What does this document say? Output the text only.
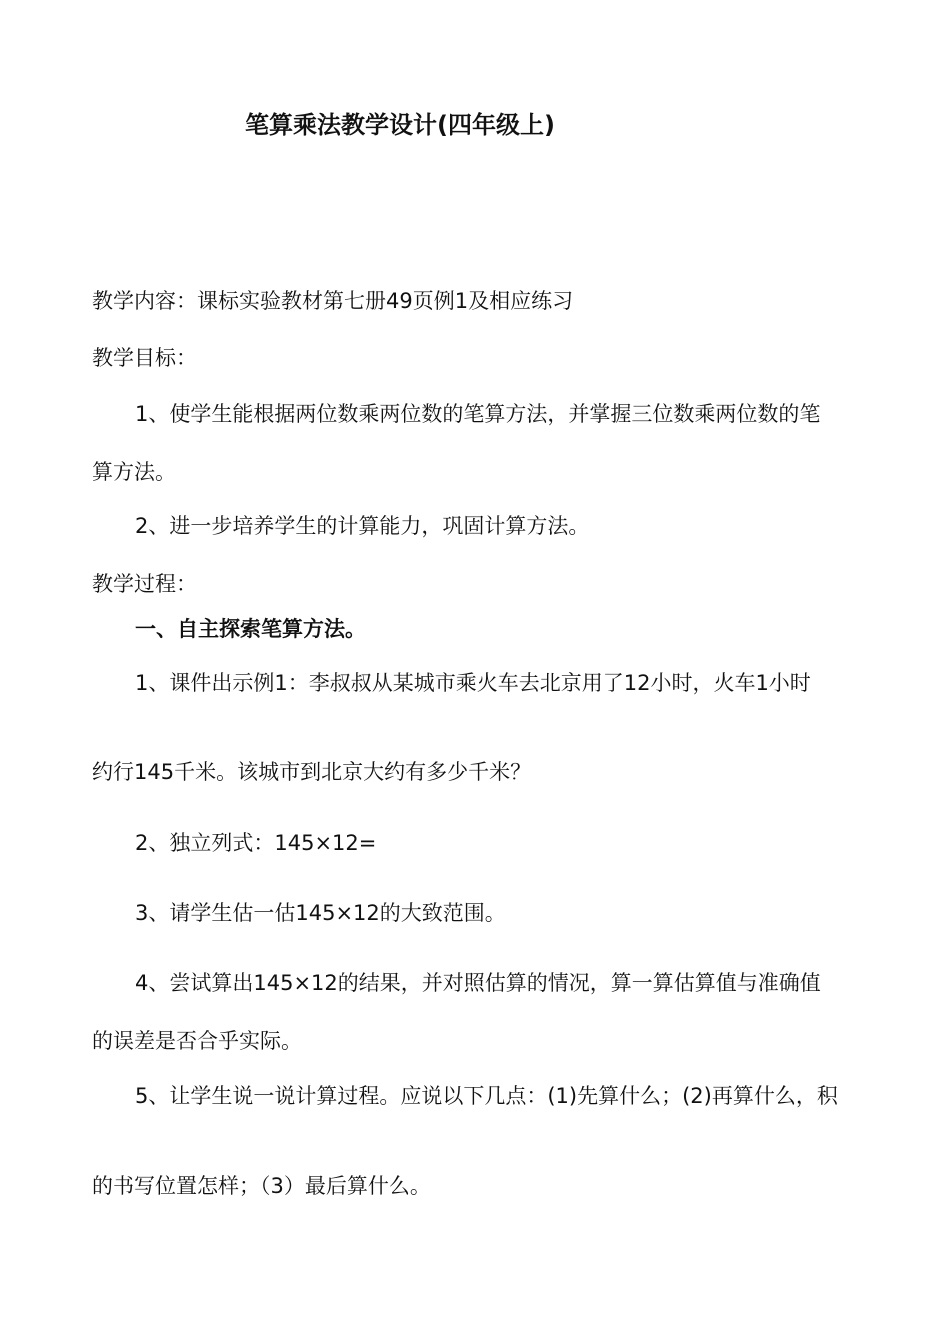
笔算乘法教学设计(四年级上)

教学内容：课标实验教材第七册49页例1及相应练习

教学目标：

1、使学生能根据两位数乘两位数的笔算方法，并掌握三位数乘两位数的笔

算方法。

2、进一步培养学生的计算能力，巩固计算方法。

教学过程：

一、自主探索笔算方法。

1、课件出示例1：李叔叔从某城市乘火车去北京用了12小时，火车1小时

约行145千米。该城市到北京大约有多少千米？

2、独立列式：145×12=

3、请学生估一估145×12的大致范围。

4、尝试算出145×12的结果，并对照估算的情况，算一算估算值与准确值

的误差是否合乎实际。

5、让学生说一说计算过程。应说以下几点：(1)先算什么；(2)再算什么，积

的书写位置怎样；（3）最后算什么。
